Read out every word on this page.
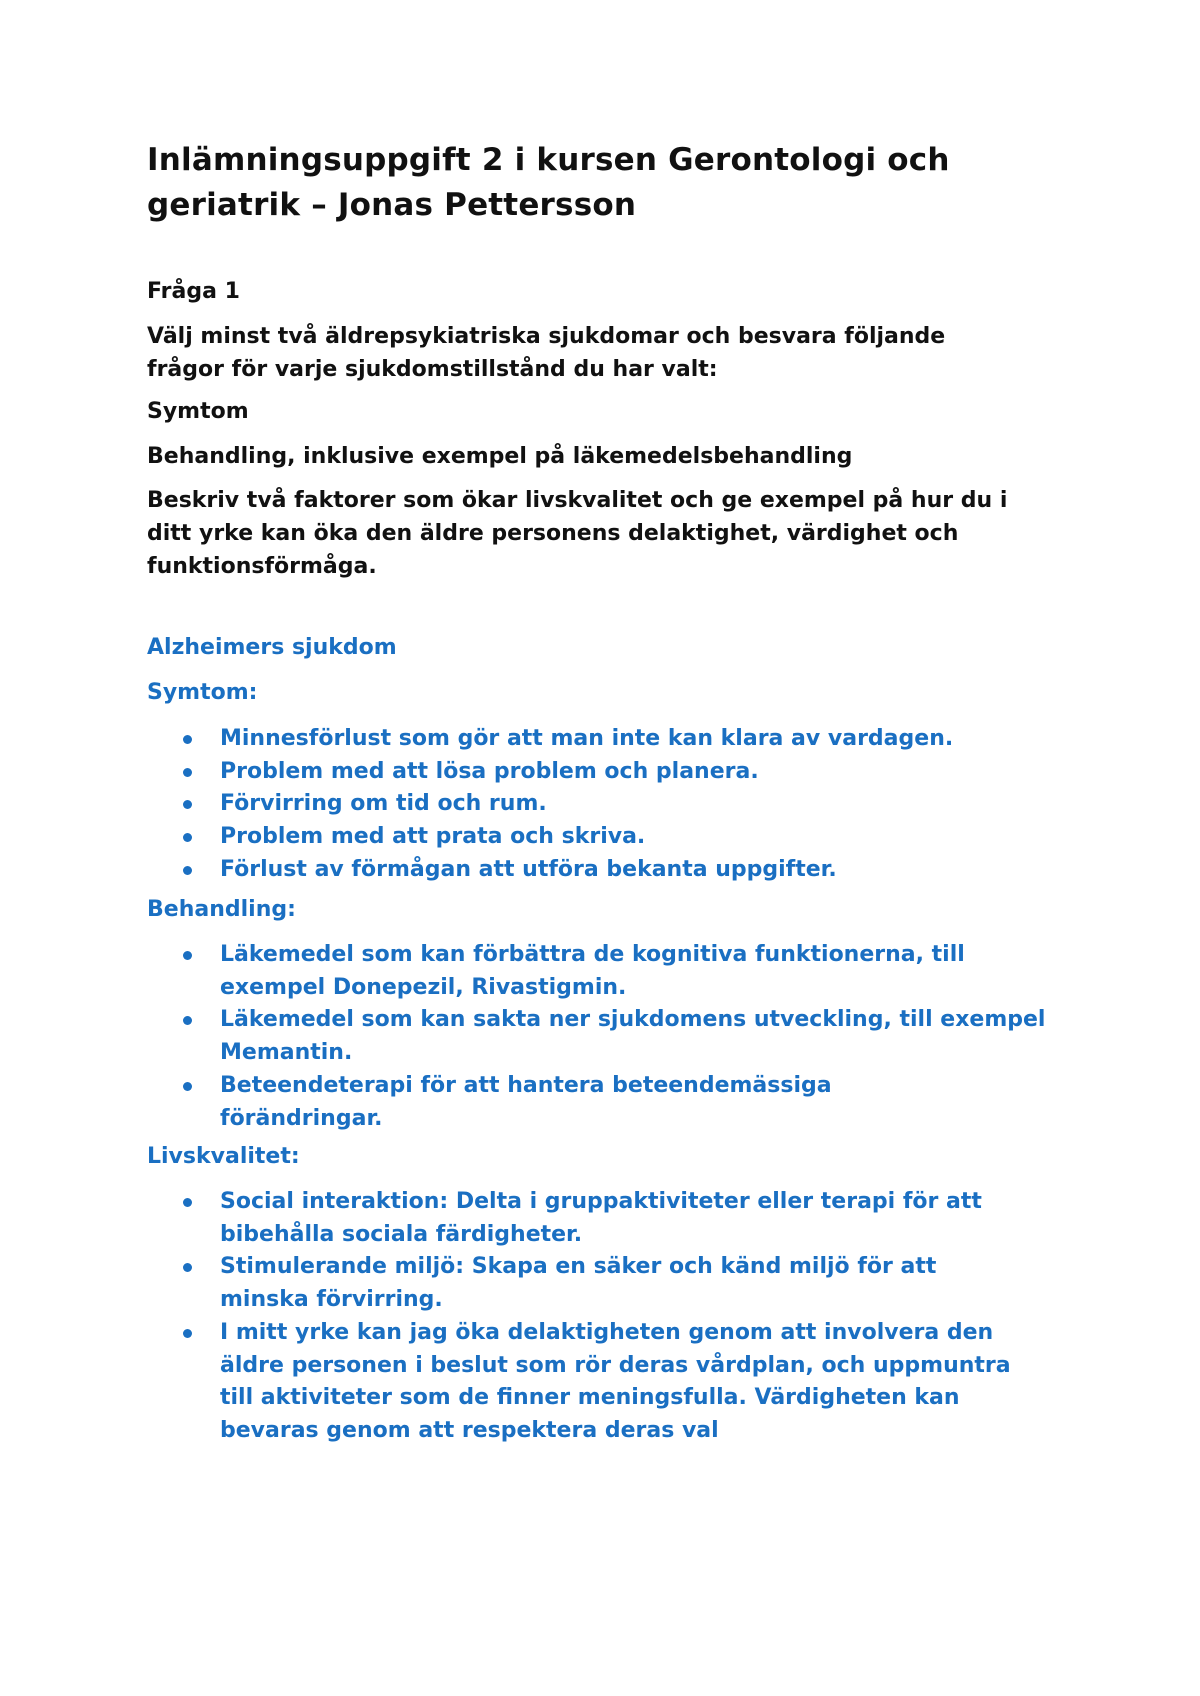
Inlämningsuppgift 2 i kursen Gerontologi och geriatrik – Jonas Pettersson

Fråga 1

Välj minst två äldrepsykiatriska sjukdomar och besvara följande frågor för varje sjukdomstillstånd du har valt:

Symtom

Behandling, inklusive exempel på läkemedelsbehandling

Beskriv två faktorer som ökar livskvalitet och ge exempel på hur du i ditt yrke kan öka den äldre personens delaktighet, värdighet och funktionsförmåga.

Alzheimers sjukdom

Symtom:

Minnesförlust som gör att man inte kan klara av vardagen.
Problem med att lösa problem och planera.
Förvirring om tid och rum.
Problem med att prata och skriva.
Förlust av förmågan att utföra bekanta uppgifter.

Behandling:

Läkemedel som kan förbättra de kognitiva funktionerna, till exempel Donepezil, Rivastigmin.
Läkemedel som kan sakta ner sjukdomens utveckling, till exempel Memantin.
Beteendeterapi för att hantera beteendemässiga förändringar.

Livskvalitet:

Social interaktion: Delta i gruppaktiviteter eller terapi för att bibehålla sociala färdigheter.
Stimulerande miljö: Skapa en säker och känd miljö för att minska förvirring.
I mitt yrke kan jag öka delaktigheten genom att involvera den äldre personen i beslut som rör deras vårdplan, och uppmuntra till aktiviteter som de finner meningsfulla. Värdigheten kan bevaras genom att respektera deras val
